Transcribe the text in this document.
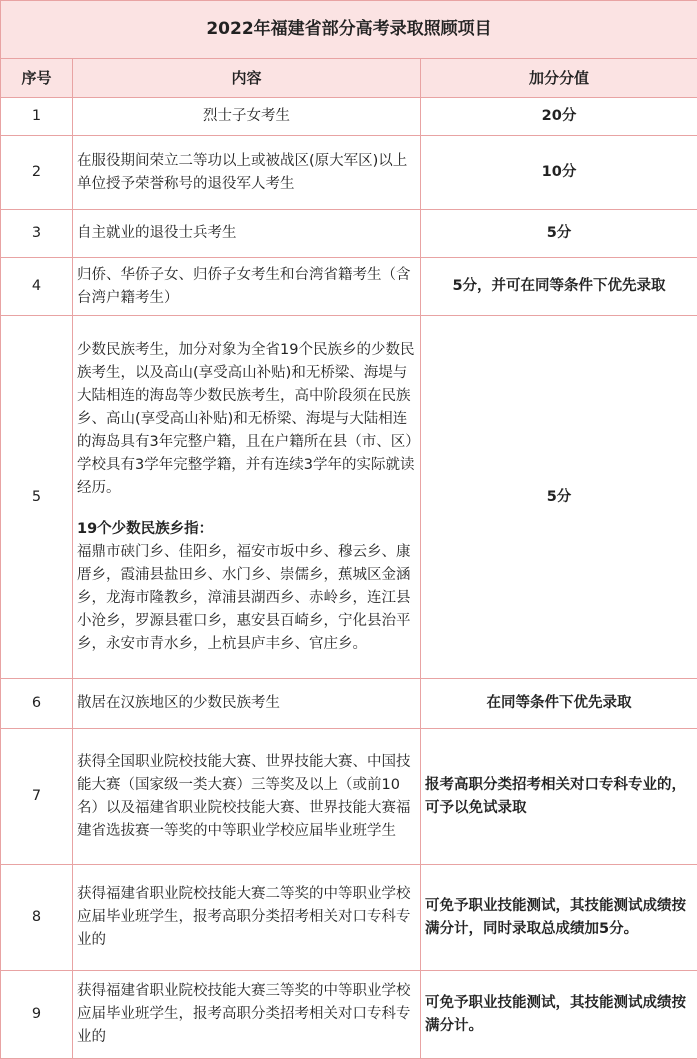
2022年福建省部分高考录取照顾项目		
序号	内容	加分分值
1	烈士子女考生	20分
2	在服役期间荣立二等功以上或被战区(原大军区)以上单位授予荣誉称号的退役军人考生	10分
3	自主就业的退役士兵考生	5分
4	归侨、华侨子女、归侨子女考生和台湾省籍考生（含台湾户籍考生）	5分，并可在同等条件下优先录取
5	少数民族考生，加分对象为全省19个民族乡的少数民族考生，以及高山(享受高山补贴)和无桥梁、海堤与大陆相连的海岛等少数民族考生，高中阶段须在民族乡、高山(享受高山补贴)和无桥梁、海堤与大陆相连的海岛具有3年完整户籍，且在户籍所在县（市、区）学校具有3学年完整学籍，并有连续3学年的实际就读经历。
19个少数民族乡指：
福鼎市硖门乡、佳阳乡，福安市坂中乡、穆云乡、康厝乡，霞浦县盐田乡、水门乡、崇儒乡，蕉城区金涵乡，龙海市隆教乡，漳浦县湖西乡、赤岭乡，连江县小沧乡，罗源县霍口乡，惠安县百崎乡，宁化县治平乡，永安市青水乡，上杭县庐丰乡、官庄乡。	5分
6	散居在汉族地区的少数民族考生	在同等条件下优先录取
7	获得全国职业院校技能大赛、世界技能大赛、中国技能大赛（国家级一类大赛）三等奖及以上（或前10名）以及福建省职业院校技能大赛、世界技能大赛福建省选拔赛一等奖的中等职业学校应届毕业班学生	报考高职分类招考相关对口专科专业的，可予以免试录取
8	获得福建省职业院校技能大赛二等奖的中等职业学校应届毕业班学生，报考高职分类招考相关对口专科专业的	可免予职业技能测试，其技能测试成绩按满分计，同时录取总成绩加5分。
9	获得福建省职业院校技能大赛三等奖的中等职业学校应届毕业班学生，报考高职分类招考相关对口专科专业的	可免予职业技能测试，其技能测试成绩按满分计。
